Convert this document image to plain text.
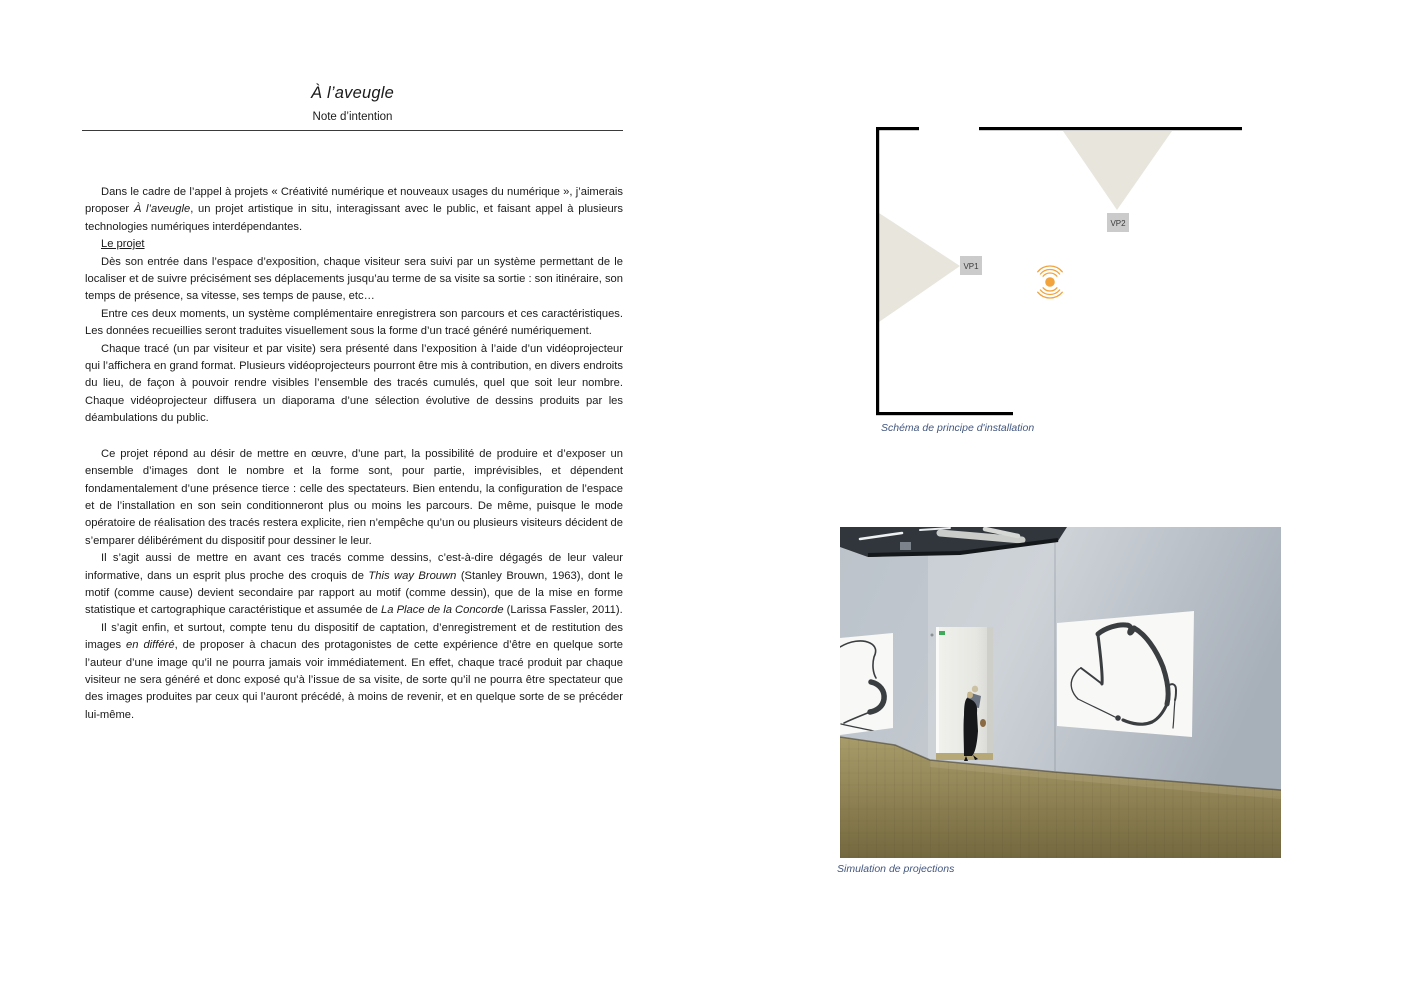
À l’aveugle
Note d’intention

Dans le cadre de l’appel à projets « Créativité numérique et nouveaux usages du numérique », j’aimerais proposer À l’aveugle, un projet artistique in situ, interagissant avec le public, et faisant appel à plusieurs technologies numériques interdépendantes.

Le projet

Dès son entrée dans l’espace d’exposition, chaque visiteur sera suivi par un système permettant de le localiser et de suivre précisément ses déplacements jusqu’au terme de sa visite sa sortie : son itinéraire, son temps de présence, sa vitesse, ses temps de pause, etc…

Entre ces deux moments, un système complémentaire enregistrera son parcours et ces caractéristiques. Les données recueillies seront traduites visuellement sous la forme d’un tracé généré numériquement.

Chaque tracé (un par visiteur et par visite) sera présenté dans l’exposition à l’aide d’un vidéoprojecteur qui l’affichera en grand format. Plusieurs vidéoprojecteurs pourront être mis à contribution, en divers endroits du lieu, de façon à pouvoir rendre visibles l’ensemble des tracés cumulés, quel que soit leur nombre. Chaque vidéoprojecteur diffusera un diaporama d’une sélection évolutive de dessins produits par les déambulations du public.

Ce projet répond au désir de mettre en œuvre, d’une part, la possibilité de produire et d’exposer un ensemble d’images dont le nombre et la forme sont, pour partie, imprévisibles, et dépendent fondamentalement d’une présence tierce : celle des spectateurs. Bien entendu, la configuration de l’espace et de l’installation en son sein conditionneront plus ou moins les parcours. De même, puisque le mode opératoire de réalisation des tracés restera explicite, rien n’empêche qu’un ou plusieurs visiteurs décident de s’emparer délibérément du dispositif pour dessiner le leur.

Il s’agit aussi de mettre en avant ces tracés comme dessins, c’est-à-dire dégagés de leur valeur informative, dans un esprit plus proche des croquis de This way Brouwn (Stanley Brouwn, 1963), dont le motif (comme cause) devient secondaire par rapport au motif (comme dessin), que de la mise en forme statistique et cartographique caractéristique et assumée de La Place de la Concorde (Larissa Fassler, 2011).

Il s’agit enfin, et surtout, compte tenu du dispositif de captation, d’enregistrement et de restitution des images en différé, de proposer à chacun des protagonistes de cette expérience d’être en quelque sorte l’auteur d’une image qu’il ne pourra jamais voir immédiatement. En effet, chaque tracé produit par chaque visiteur ne sera généré et donc exposé qu’à l’issue de sa visite, de sorte qu’il ne pourra être spectateur que des images produites par ceux qui l’auront précédé, à moins de revenir, et en quelque sorte de se précéder lui-même.

VP1
VP2
Schéma de principe d'installation
Simulation de projections
